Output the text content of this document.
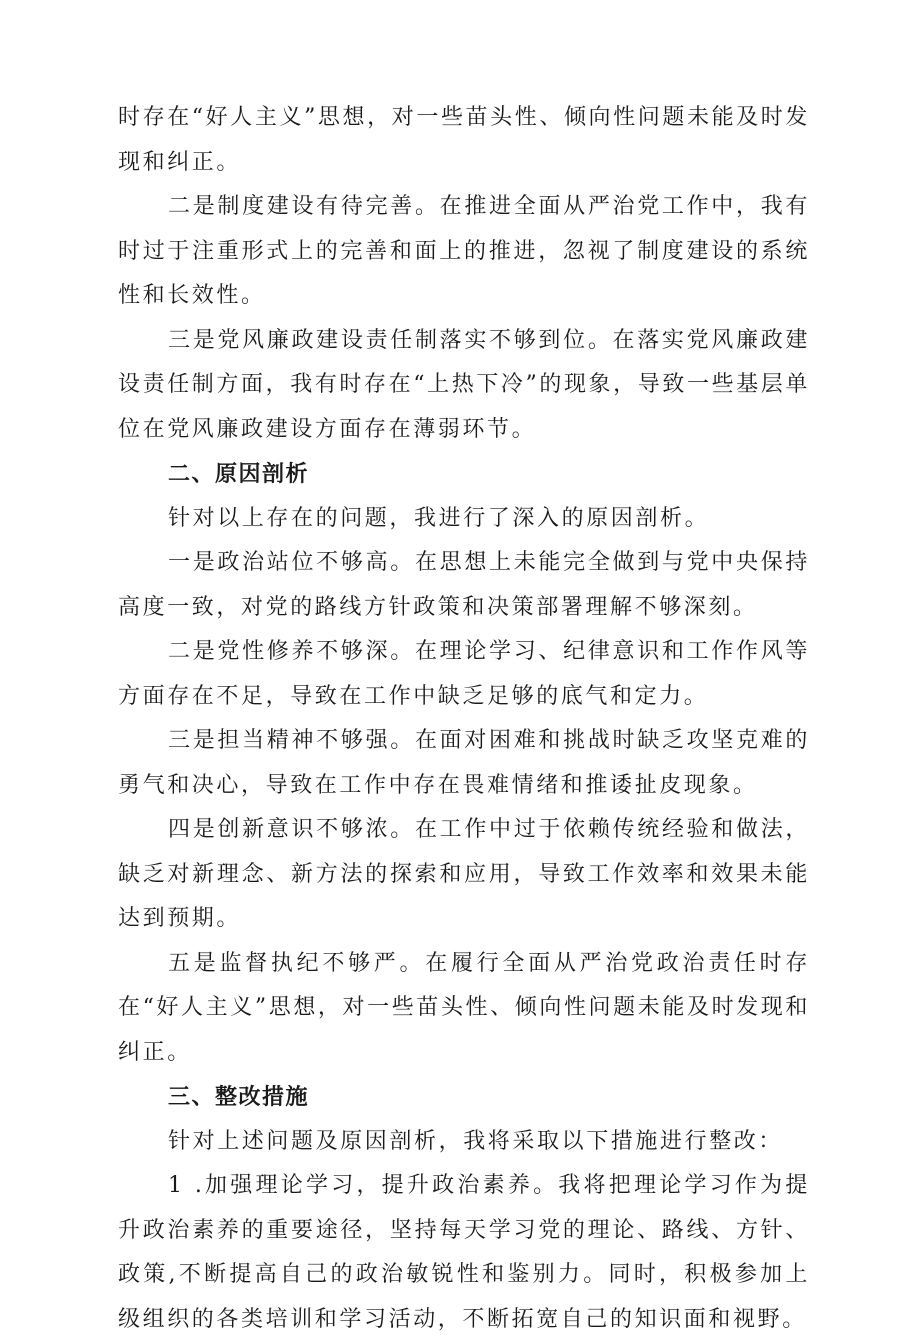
时存在“好人主义”思想，对一些苗头性、倾向性问题未能及时发现和纠正。

二是制度建设有待完善。在推进全面从严治党工作中，我有时过于注重形式上的完善和面上的推进，忽视了制度建设的系统性和长效性。

三是党风廉政建设责任制落实不够到位。在落实党风廉政建设责任制方面，我有时存在“上热下冷”的现象，导致一些基层单位在党风廉政建设方面存在薄弱环节。

二、原因剖析

针对以上存在的问题，我进行了深入的原因剖析。

一是政治站位不够高。在思想上未能完全做到与党中央保持高度一致，对党的路线方针政策和决策部署理解不够深刻。

二是党性修养不够深。在理论学习、纪律意识和工作作风等方面存在不足，导致在工作中缺乏足够的底气和定力。

三是担当精神不够强。在面对困难和挑战时缺乏攻坚克难的勇气和决心，导致在工作中存在畏难情绪和推诿扯皮现象。

四是创新意识不够浓。在工作中过于依赖传统经验和做法，缺乏对新理念、新方法的探索和应用，导致工作效率和效果未能达到预期。

五是监督执纪不够严。在履行全面从严治党政治责任时存在“好人主义”思想，对一些苗头性、倾向性问题未能及时发现和纠正。

三、整改措施

针对上述问题及原因剖析，我将采取以下措施进行整改：

1 .加强理论学习，提升政治素养。我将把理论学习作为提升政治素养的重要途径，坚持每天学习党的理论、路线、方针、政策,不断提高自己的政治敏锐性和鉴别力。同时，积极参加上级组织的各类培训和学习活动，不断拓宽自己的知识面和视野。
